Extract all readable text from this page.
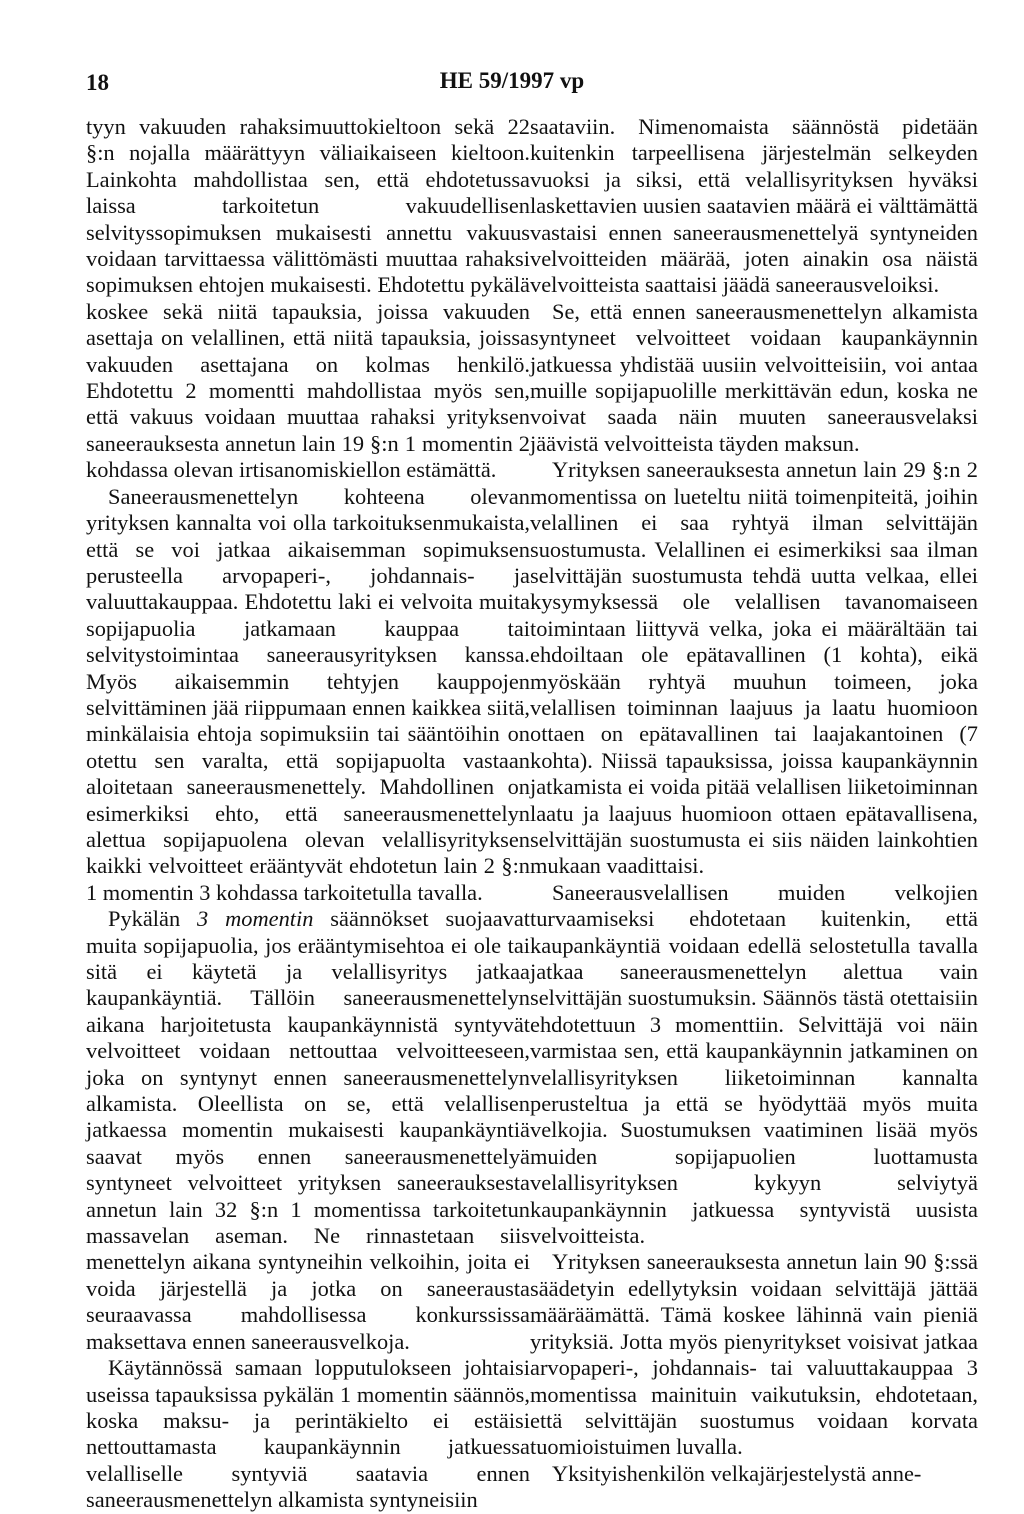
18	HE 59/1997 vp

tyyn vakuuden rahaksimuuttokieltoon sekä 22 §:n nojalla määrättyyn väliaikaiseen kieltoon. Lainkohta mahdollistaa sen, että ehdotetussa laissa tarkoitetun vakuudellisen selvityssopimuksen mukaisesti annettu vakuus voidaan tarvittaessa välittömästi muuttaa rahaksi sopimuksen ehtojen mukaisesti. Ehdotettu pykälä koskee sekä niitä tapauksia, joissa vakuuden asettaja on velallinen, että niitä tapauksia, joissa vakuuden asettajana on kolmas henkilö. Ehdotettu 2 momentti mahdollistaa myös sen, että vakuus voidaan muuttaa rahaksi yrityksen saneerauksesta annetun lain 19 §:n 1 momentin 2 kohdassa olevan irtisanomiskiellon estämättä.

Saneerausmenettelyn kohteena olevan yrityksen kannalta voi olla tarkoituksenmukaista, että se voi jatkaa aikaisemman sopimuksen perusteella arvopaperi-, johdannais- ja valuuttakauppaa. Ehdotettu laki ei velvoita muita sopijapuolia jatkamaan kauppaa tai selvitystoimintaa saneerausyrityksen kanssa. Myös aikaisemmin tehtyjen kauppojen selvittäminen jää riippumaan ennen kaikkea siitä, minkälaisia ehtoja sopimuksiin tai sääntöihin on otettu sen varalta, että sopijapuolta vastaan aloitetaan saneerausmenettely. Mahdollinen on esimerkiksi ehto, että saneerausmenettelyn alettua sopijapuolena olevan velallisyrityksen kaikki velvoitteet erääntyvät ehdotetun lain 2 §:n 1 momentin 3 kohdassa tarkoitetulla tavalla.

Pykälän 3 momentin säännökset suojaavat muita sopijapuolia, jos erääntymisehtoa ei ole tai sitä ei käytetä ja velallisyritys jatkaa kaupankäyntiä. Tällöin saneerausmenettelyn aikana harjoitetusta kaupankäynnistä syntyvät velvoitteet voidaan nettouttaa velvoitteeseen, joka on syntynyt ennen saneerausmenettelyn alkamista. Oleellista on se, että velallisen jatkaessa momentin mukaisesti kaupankäyntiä saavat myös ennen saneerausmenettelyä syntyneet velvoitteet yrityksen saneerauksesta annetun lain 32 §:n 1 momentissa tarkoitetun massavelan aseman. Ne rinnastetaan siis menettelyn aikana syntyneihin velkoihin, joita ei voida järjestellä ja jotka on saneerausta seuraavassa mahdollisessa konkurssissa maksettava ennen saneerausvelkoja.

Käytännössä samaan lopputulokseen johtaisi useissa tapauksissa pykälän 1 momentin säännös, koska maksu- ja perintäkielto ei estäisi nettouttamasta kaupankäynnin jatkuessa velalliselle syntyviä saatavia ennen saneerausmenettelyn alkamista syntyneisiin

saataviin. Nimenomaista säännöstä pidetään kuitenkin tarpeellisena järjestelmän selkeyden vuoksi ja siksi, että velallisyrityksen hyväksi laskettavien uusien saatavien määrä ei välttämättä vastaisi ennen saneerausmenettelyä syntyneiden velvoitteiden määrää, joten ainakin osa näistä velvoitteista saattaisi jäädä saneerausveloiksi.

Se, että ennen saneerausmenettelyn alkamista syntyneet velvoitteet voidaan kaupankäynnin jatkuessa yhdistää uusiin velvoitteisiin, voi antaa muille sopijapuolille merkittävän edun, koska ne voivat saada näin muuten saneerausvelaksi jäävistä velvoitteista täyden maksun.

Yrityksen saneerauksesta annetun lain 29 §:n 2 momentissa on lueteltu niitä toimenpiteitä, joihin velallinen ei saa ryhtyä ilman selvittäjän suostumusta. Velallinen ei esimerkiksi saa ilman selvittäjän suostumusta tehdä uutta velkaa, ellei kysymyksessä ole velallisen tavanomaiseen toimintaan liittyvä velka, joka ei määrältään tai ehdoiltaan ole epätavallinen (1 kohta), eikä myöskään ryhtyä muuhun toimeen, joka velallisen toiminnan laajuus ja laatu huomioon ottaen on epätavallinen tai laajakantoinen (7 kohta). Niissä tapauksissa, joissa kaupankäynnin jatkamista ei voida pitää velallisen liiketoiminnan laatu ja laajuus huomioon ottaen epätavallisena, selvittäjän suostumusta ei siis näiden lainkohtien mukaan vaadittaisi.

Saneerausvelallisen muiden velkojien turvaamiseksi ehdotetaan kuitenkin, että kaupankäyntiä voidaan edellä selostetulla tavalla jatkaa saneerausmenettelyn alettua vain selvittäjän suostumuksin. Säännös tästä otettaisiin ehdotettuun 3 momenttiin. Selvittäjä voi näin varmistaa sen, että kaupankäynnin jatkaminen on velallisyrityksen liiketoiminnan kannalta perusteltua ja että se hyödyttää myös muita velkojia. Suostumuksen vaatiminen lisää myös muiden sopijapuolien luottamusta velallisyrityksen kykyyn selviytyä kaupankäynnin jatkuessa syntyvistä uusista velvoitteista.

Yrityksen saneerauksesta annetun lain 90 §:ssä säädetyin edellytyksin voidaan selvittäjä jättää määräämättä. Tämä koskee lähinnä vain pieniä yrityksiä. Jotta myös pienyritykset voisivat jatkaa arvopaperi-, johdannais- tai valuuttakauppaa 3 momentissa mainituin vaikutuksin, ehdotetaan, että selvittäjän suostumus voidaan korvata tuomioistuimen luvalla.

Yksityishenkilön velkajärjestelystä anne-
